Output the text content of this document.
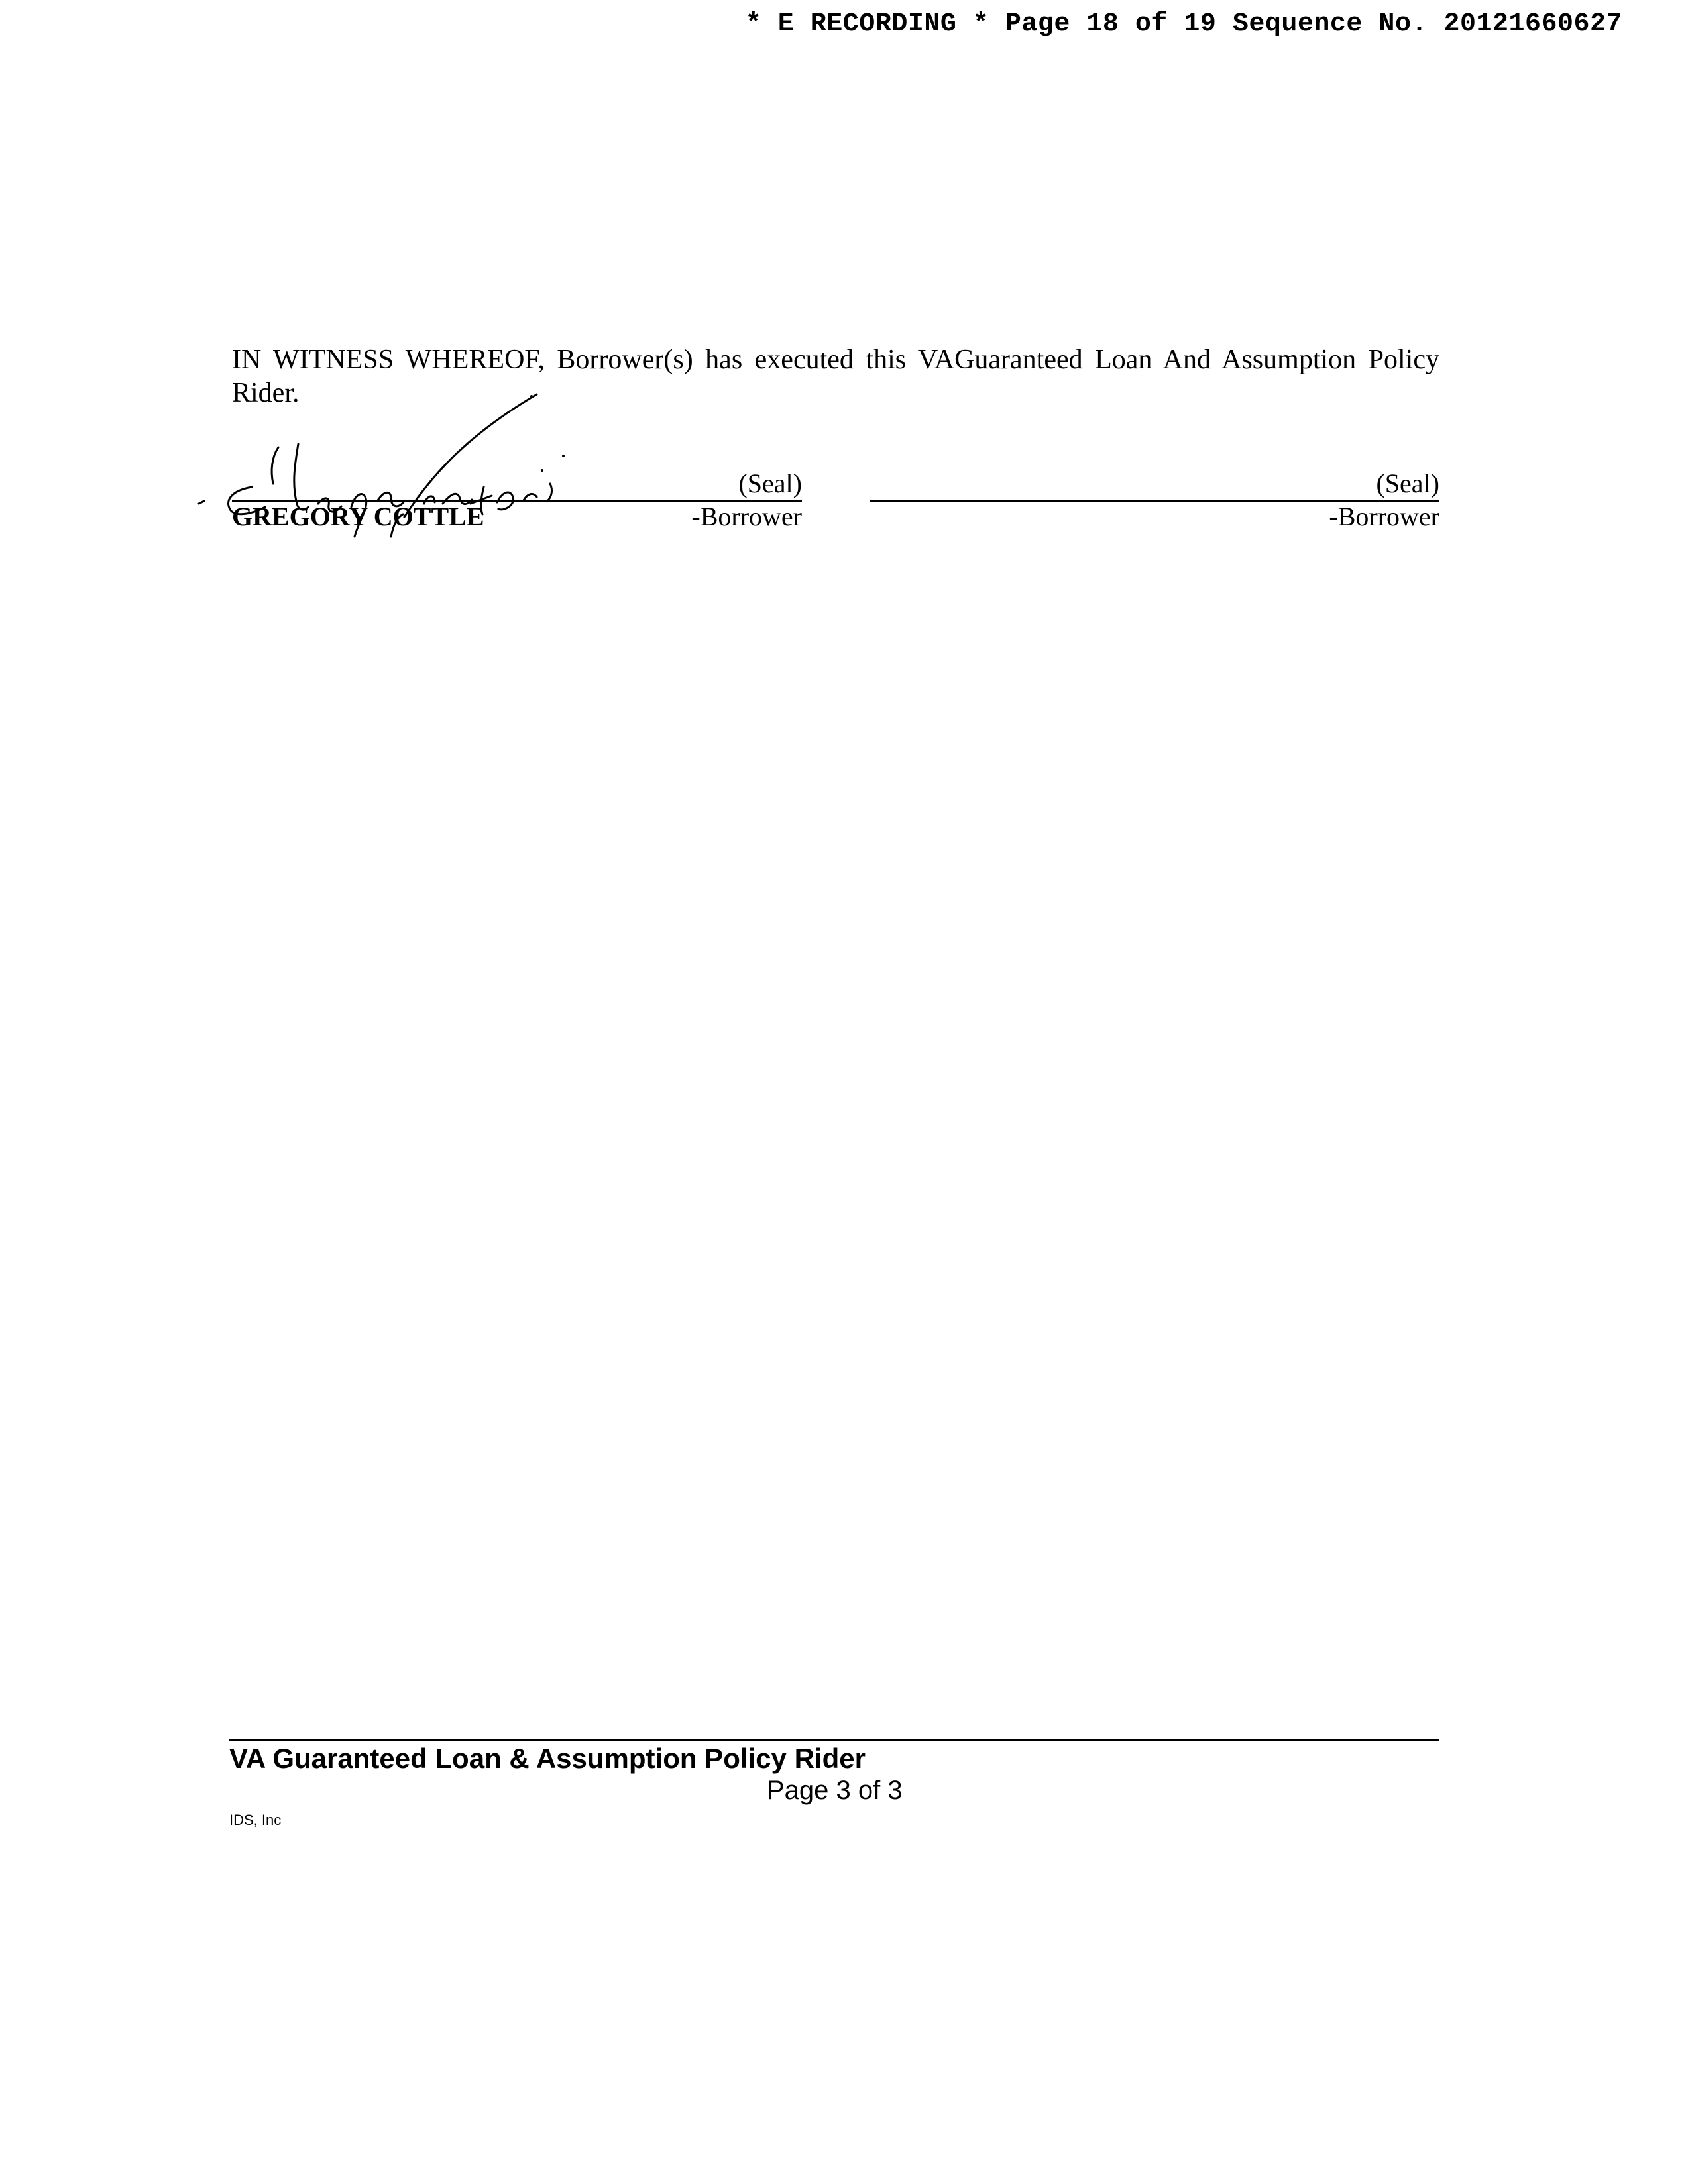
* E RECORDING * Page 18 of 19 Sequence No. 20121660627
IN WITNESS WHEREOF, Borrower(s) has executed this VAGuaranteed Loan And Assumption Policy Rider.
(Seal)
GREGORY COTTLE	-Borrower
(Seal)
-Borrower
VA Guaranteed Loan & Assumption Policy Rider
Page 3 of 3
IDS, Inc
